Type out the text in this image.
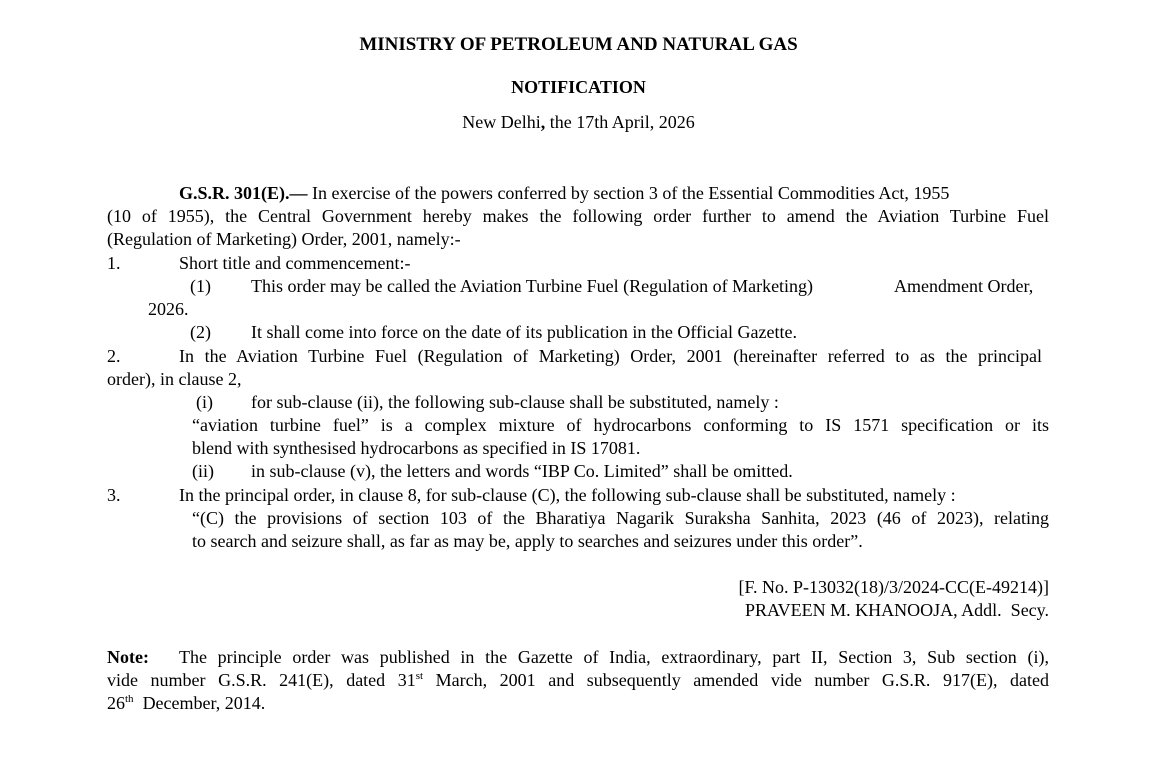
MINISTRY OF PETROLEUM AND NATURAL GAS
NOTIFICATION
New Delhi, the 17th April, 2026
G.S.R. 301(E).— In exercise of the powers conferred by section 3 of the Essential Commodities Act, 1955
(10 of 1955), the Central Government hereby makes the following order further to amend the Aviation Turbine Fuel
(Regulation of Marketing) Order, 2001, namely:-
1.	Short title and commencement:-
(1) This order may be called the Aviation Turbine Fuel (Regulation of Marketing)	Amendment Order,
2026.
(2) It shall come into force on the date of its publication in the Official Gazette.
2.	In the Aviation Turbine Fuel (Regulation of Marketing) Order, 2001 (hereinafter referred to as the principal
order), in clause 2,
(i) for sub-clause (ii), the following sub-clause shall be substituted, namely :
“aviation turbine fuel” is a complex mixture of hydrocarbons conforming to IS 1571 specification or its
blend with synthesised hydrocarbons as specified in IS 17081.
(ii) in sub-clause (v), the letters and words “IBP Co. Limited” shall be omitted.
3.	In the principal order, in clause 8, for sub-clause (C), the following sub-clause shall be substituted, namely :
“(C) the provisions of section 103 of the Bharatiya Nagarik Suraksha Sanhita, 2023 (46 of 2023), relating
to search and seizure shall, as far as may be, apply to searches and seizures under this order”.
[F. No. P-13032(18)/3/2024-CC(E-49214)]
PRAVEEN M. KHANOOJA, Addl.  Secy.
Note: The principle order was published in the Gazette of India, extraordinary, part II, Section 3, Sub section (i),
vide number G.S.R. 241(E), dated 31st March, 2001 and subsequently amended vide number G.S.R. 917(E), dated
26th  December, 2014.
